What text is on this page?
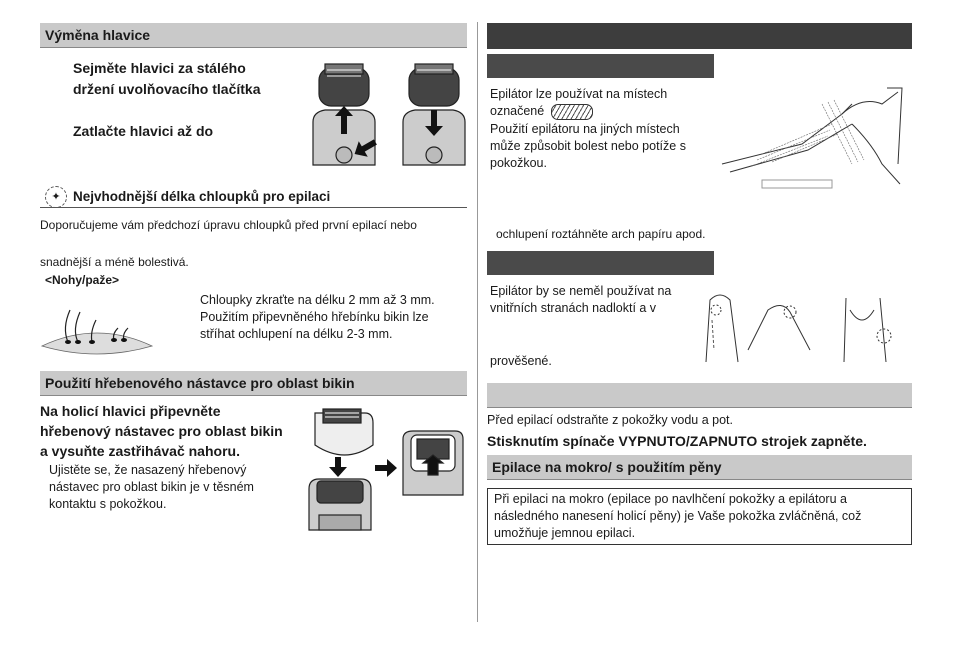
Výměna hlavice
Sejměte hlavici za stálého
držení uvolňovacího tlačítka
Zatlačte hlavici až do
✦ Nejvhodnější délka chloupků pro epilaci
Doporučujeme vám předchozí úpravu chloupků před první epilací nebo
snadnější a méně bolestivá.
<Nohy/paže>
Chloupky zkraťte na délku 2 mm až 3 mm.
Použitím připevněného hřebínku bikin lze
stříhat ochlupení na délku 2-3 mm.
Použití hřebenového nástavce pro oblast bikin
Na holicí hlavici připevněte
hřebenový nástavec pro oblast bikin
a vysuňte zastřihávač nahoru.
Ujistěte se, že nasazený hřebenový
nástavec pro oblast bikin je v těsném
kontaktu s pokožkou.
Epilátor lze používat na místech
označené
Použití epilátoru na jiných místech
může způsobit bolest nebo potíže s
pokožkou.
ochlupení roztáhněte arch papíru apod.
Epilátor by se neměl používat na
vnitřních stranách nadloktí a v
prověšené.
Před epilací odstraňte z pokožky vodu a pot.
Stisknutím spínače VYPNUTO/ZAPNUTO strojek zapněte.
Epilace na mokro/ s použitím pěny
Při epilaci na mokro (epilace po navlhčení pokožky a epilátoru a
následného nanesení holicí pěny) je Vaše pokožka zvláčněná, což
umožňuje jemnou epilaci.
